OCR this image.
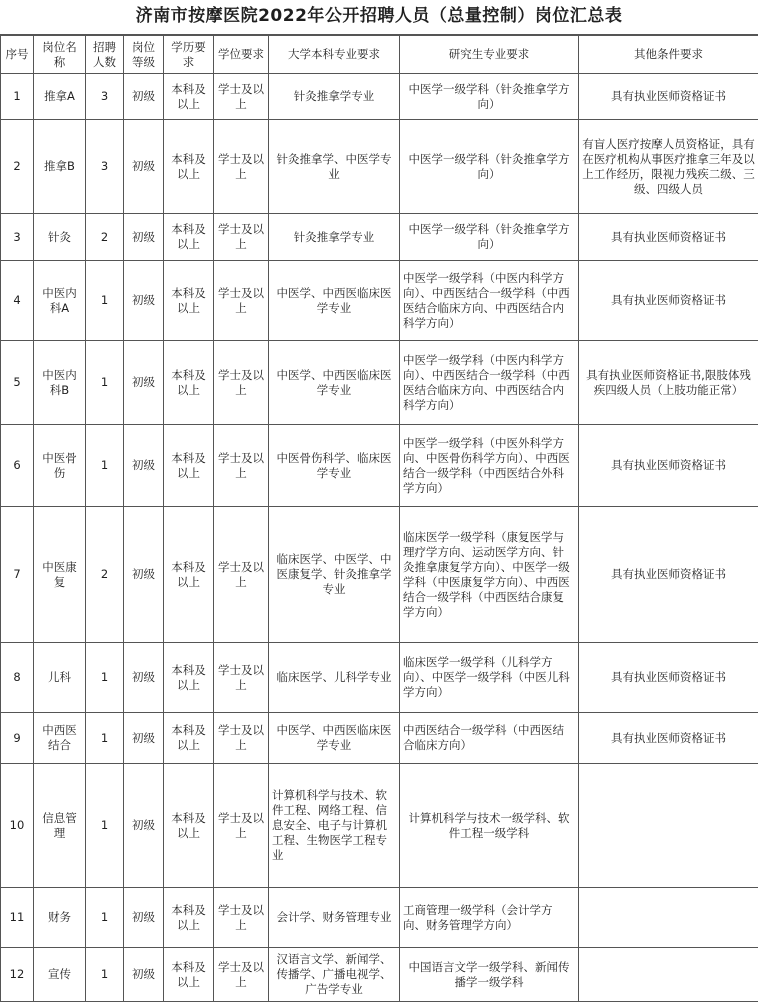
济南市按摩医院2022年公开招聘人员（总量控制）岗位汇总表
序号	岗位名称	招聘人数	岗位等级	学历要求	学位要求	大学本科专业要求	研究生专业要求	其他条件要求
1	推拿A	3	初级	本科及以上	学士及以上	针灸推拿学专业	中医学一级学科（针灸推拿学方向）	具有执业医师资格证书
2	推拿B	3	初级	本科及以上	学士及以上	针灸推拿学、中医学专业	中医学一级学科（针灸推拿学方向）	有盲人医疗按摩人员资格证，具有在医疗机构从事医疗推拿三年及以上工作经历，限视力残疾二级、三级、四级人员
3	针灸	2	初级	本科及以上	学士及以上	针灸推拿学专业	中医学一级学科（针灸推拿学方向）	具有执业医师资格证书
4	中医内科A	1	初级	本科及以上	学士及以上	中医学、中西医临床医学专业	中医学一级学科（中医内科学方向）、中西医结合一级学科（中西医结合临床方向、中西医结合内科学方向）	具有执业医师资格证书
5	中医内科B	1	初级	本科及以上	学士及以上	中医学、中西医临床医学专业	中医学一级学科（中医内科学方向）、中西医结合一级学科（中西医结合临床方向、中西医结合内科学方向）	具有执业医师资格证书,限肢体残疾四级人员（上肢功能正常）
6	中医骨伤	1	初级	本科及以上	学士及以上	中医骨伤科学、临床医学专业	中医学一级学科（中医外科学方向、中医骨伤科学方向）、中西医结合一级学科（中西医结合外科学方向）	具有执业医师资格证书
7	中医康复	2	初级	本科及以上	学士及以上	临床医学、中医学、中医康复学、针灸推拿学专业	临床医学一级学科（康复医学与理疗学方向、运动医学方向、针灸推拿康复学方向）、中医学一级学科（中医康复学方向）、中西医结合一级学科（中西医结合康复学方向）	具有执业医师资格证书
8	儿科	1	初级	本科及以上	学士及以上	临床医学、儿科学专业	临床医学一级学科（儿科学方向）、中医学一级学科（中医儿科学方向）	具有执业医师资格证书
9	中西医结合	1	初级	本科及以上	学士及以上	中医学、中西医临床医学专业	中西医结合一级学科（中西医结合临床方向）	具有执业医师资格证书
10	信息管理	1	初级	本科及以上	学士及以上	计算机科学与技术、软件工程、网络工程、信息安全、电子与计算机工程、生物医学工程专业	计算机科学与技术一级学科、软件工程一级学科	
11	财务	1	初级	本科及以上	学士及以上	会计学、财务管理专业	工商管理一级学科（会计学方向、财务管理学方向）	
12	宣传	1	初级	本科及以上	学士及以上	汉语言文学、新闻学、传播学、广播电视学、广告学专业	中国语言文学一级学科、新闻传播学一级学科	
